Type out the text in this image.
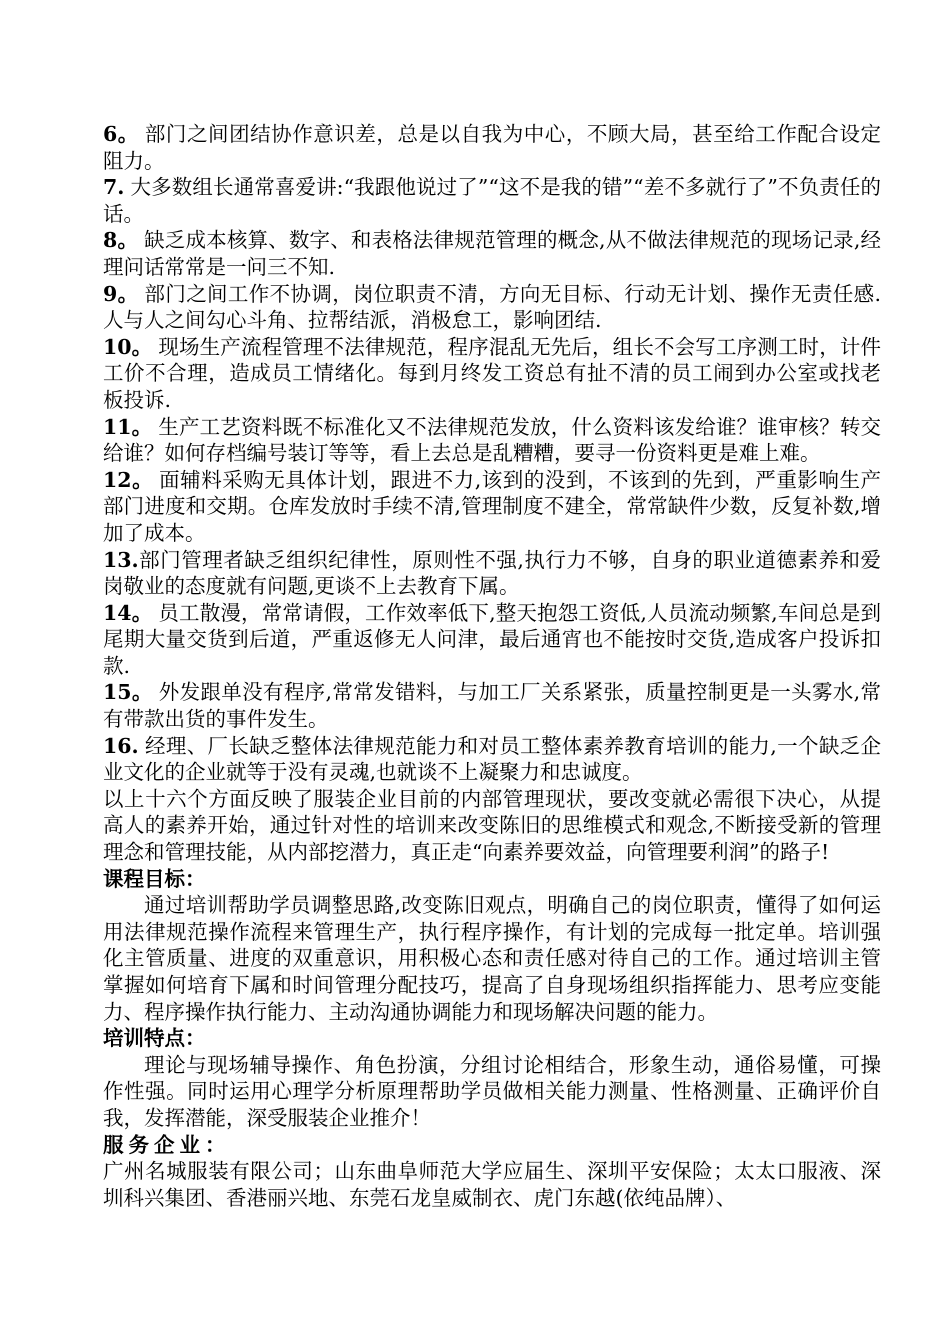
6。 部门之间团结协作意识差，总是以自我为中心，不顾大局，甚至给工作配合设定阻力。

7. 大多数组长通常喜爱讲:“我跟他说过了”“这不是我的错”“差不多就行了”不负责任的话。

8。 缺乏成本核算、数字、和表格法律规范管理的概念,从不做法律规范的现场记录,经理问话常常是一问三不知.

9。 部门之间工作不协调，岗位职责不清，方向无目标、行动无计划、操作无责任感.人与人之间勾心斗角、拉帮结派，消极怠工，影响团结.

10。 现场生产流程管理不法律规范，程序混乱无先后，组长不会写工序测工时，计件工价不合理，造成员工情绪化。每到月终发工资总有扯不清的员工闹到办公室或找老板投诉.

11。 生产工艺资料既不标准化又不法律规范发放，什么资料该发给谁？谁审核？转交给谁？如何存档编号装订等等，看上去总是乱糟糟，要寻一份资料更是难上难。

12。 面辅料采购无具体计划，跟进不力,该到的没到，不该到的先到，严重影响生产部门进度和交期。仓库发放时手续不清,管理制度不建全，常常缺件少数，反复补数,增加了成本。

13.部门管理者缺乏组织纪律性，原则性不强,执行力不够，自身的职业道德素养和爱岗敬业的态度就有问题,更谈不上去教育下属。

14。 员工散漫，常常请假，工作效率低下,整天抱怨工资低,人员流动频繁,车间总是到尾期大量交货到后道，严重返修无人问津，最后通宵也不能按时交货,造成客户投诉扣款.

15。 外发跟单没有程序,常常发错料，与加工厂关系紧张，质量控制更是一头雾水,常有带款出货的事件发生。

16. 经理、厂长缺乏整体法律规范能力和对员工整体素养教育培训的能力,一个缺乏企业文化的企业就等于没有灵魂,也就谈不上凝聚力和忠诚度。

以上十六个方面反映了服装企业目前的内部管理现状，要改变就必需很下决心，从提高人的素养开始，通过针对性的培训来改变陈旧的思维模式和观念,不断接受新的管理理念和管理技能，从内部挖潜力，真正走“向素养要效益，向管理要利润”的路子!

课程目标：

通过培训帮助学员调整思路,改变陈旧观点，明确自己的岗位职责，懂得了如何运用法律规范操作流程来管理生产，执行程序操作，有计划的完成每一批定单。培训强化主管质量、进度的双重意识，用积极心态和责任感对待自己的工作。通过培训主管掌握如何培育下属和时间管理分配技巧，提高了自身现场组织指挥能力、思考应变能力、程序操作执行能力、主动沟通协调能力和现场解决问题的能力。

培训特点：

理论与现场辅导操作、角色扮演，分组讨论相结合，形象生动，通俗易懂，可操作性强。同时运用心理学分析原理帮助学员做相关能力测量、性格测量、正确评价自我，发挥潜能，深受服装企业推介！

服务企业：

广州名城服装有限公司；山东曲阜师范大学应届生、深圳平安保险；太太口服液、深圳科兴集团、香港丽兴地、东莞石龙皇威制衣、虎门东越(依纯品牌）、
